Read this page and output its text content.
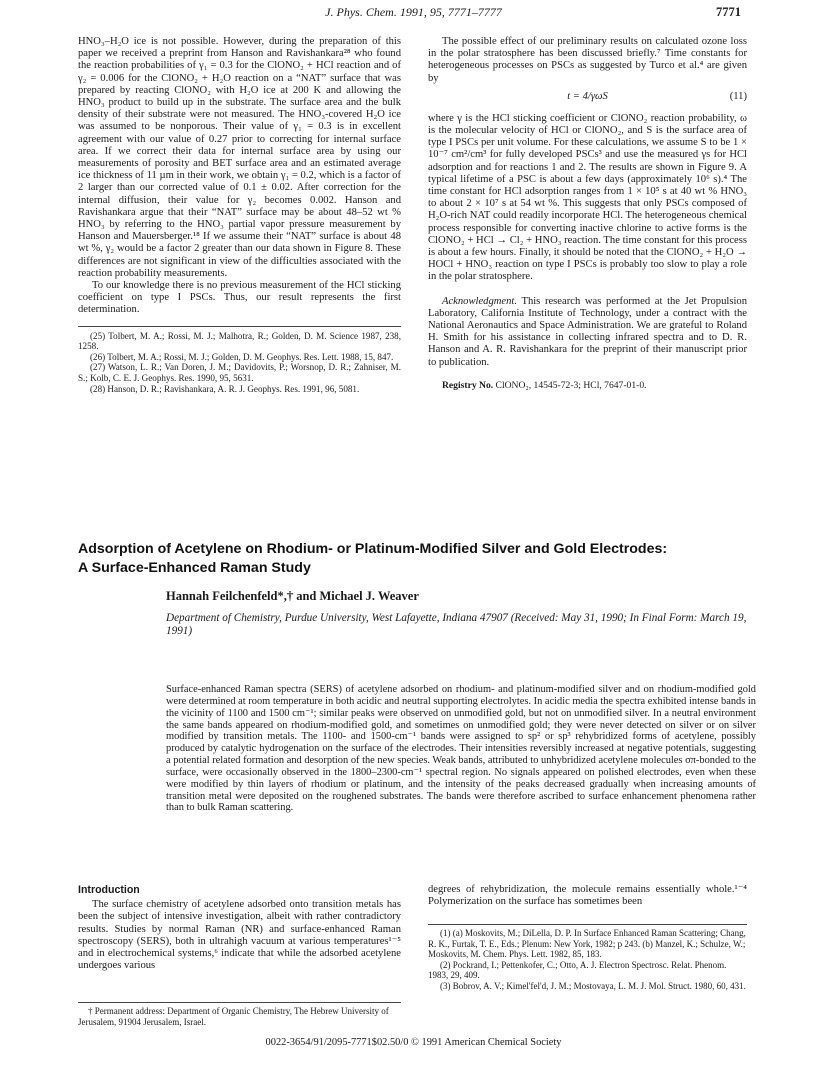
J. Phys. Chem. 1991, 95, 7771–7777	7771

HNO₃–H₂O ice is not possible. However, during the preparation of this paper we received a preprint from Hanson and Ravishankara²⁸ who found the reaction probabilities of γ₁ = 0.3 for the ClONO₂ + HCl reaction and of γ₂ = 0.006 for the ClONO₂ + H₂O reaction on a “NAT” surface that was prepared by reacting ClONO₂ with H₂O ice at 200 K and allowing the HNO₃ product to build up in the substrate. The surface area and the bulk density of their substrate were not measured. The HNO₃-covered H₂O ice was assumed to be nonporous. Their value of γ₁ = 0.3 is in excellent agreement with our value of 0.27 prior to correcting for internal surface area. If we correct their data for internal surface area by using our measurements of porosity and BET surface area and an estimated average ice thickness of 11 µm in their work, we obtain γ₁ = 0.2, which is a factor of 2 larger than our corrected value of 0.1 ± 0.02. After correction for the internal diffusion, their value for γ₂ becomes 0.002. Hanson and Ravishankara argue that their “NAT” surface may be about 48–52 wt % HNO₃ by referring to the HNO₃ partial vapor pressure measurement by Hanson and Mauersberger.¹⁸ If we assume their “NAT” surface is about 48 wt %, γ₂ would be a factor 2 greater than our data shown in Figure 8. These differences are not significant in view of the difficulties associated with the reaction probability measurements.

To our knowledge there is no previous measurement of the HCl sticking coefficient on type I PSCs. Thus, our result represents the first determination.

(25) Tolbert, M. A.; Rossi, M. J.; Malhotra, R.; Golden, D. M. Science 1987, 238, 1258.
(26) Tolbert, M. A.; Rossi, M. J.; Golden, D. M. Geophys. Res. Lett. 1988, 15, 847.
(27) Watson, L. R.; Van Doren, J. M.; Davidovits, P.; Worsnop, D. R.; Zahniser, M. S.; Kolb, C. E. J. Geophys. Res. 1990, 95, 5631.
(28) Hanson, D. R.; Ravishankara, A. R. J. Geophys. Res. 1991, 96, 5081.

The possible effect of our preliminary results on calculated ozone loss in the polar stratosphere has been discussed briefly.⁷ Time constants for heterogeneous processes on PSCs as suggested by Turco et al.⁴ are given by

t = 4/γωS	(11)

where γ is the HCl sticking coefficient or ClONO₂ reaction probability, ω is the molecular velocity of HCl or ClONO₂, and S is the surface area of type I PSCs per unit volume. For these calculations, we assume S to be 1 × 10⁻⁷ cm²/cm³ for fully developed PSCs³ and use the measured γs for HCl adsorption and for reactions 1 and 2. The results are shown in Figure 9. A typical lifetime of a PSC is about a few days (approximately 10⁶ s).⁴ The time constant for HCl adsorption ranges from 1 × 10⁵ s at 40 wt % HNO₃ to about 2 × 10⁷ s at 54 wt %. This suggests that only PSCs composed of H₂O-rich NAT could readily incorporate HCl. The heterogeneous chemical process responsible for converting inactive chlorine to active forms is the ClONO₂ + HCl → Cl₂ + HNO₃ reaction. The time constant for this process is about a few hours. Finally, it should be noted that the ClONO₂ + H₂O → HOCl + HNO₃ reaction on type I PSCs is probably too slow to play a role in the polar stratosphere.

Acknowledgment. This research was performed at the Jet Propulsion Laboratory, California Institute of Technology, under a contract with the National Aeronautics and Space Administration. We are grateful to Roland H. Smith for his assistance in collecting infrared spectra and to D. R. Hanson and A. R. Ravishankara for the preprint of their manuscript prior to publication.

Registry No. ClONO₂, 14545-72-3; HCl, 7647-01-0.

Adsorption of Acetylene on Rhodium- or Platinum-Modified Silver and Gold Electrodes:
A Surface-Enhanced Raman Study
Hannah Feilchenfeld*,† and Michael J. Weaver
Department of Chemistry, Purdue University, West Lafayette, Indiana 47907 (Received: May 31, 1990; In Final Form: March 19, 1991)
Surface-enhanced Raman spectra (SERS) of acetylene adsorbed on rhodium- and platinum-modified silver and on rhodium-modified gold were determined at room temperature in both acidic and neutral supporting electrolytes. In acidic media the spectra exhibited intense bands in the vicinity of 1100 and 1500 cm⁻¹; similar peaks were observed on unmodified gold, but not on unmodified silver. In a neutral environment the same bands appeared on rhodium-modified gold, and sometimes on unmodified gold; they were never detected on silver or on silver modified by transition metals. The 1100- and 1500-cm⁻¹ bands were assigned to sp² or sp³ rehybridized forms of acetylene, possibly produced by catalytic hydrogenation on the surface of the electrodes. Their intensities reversibly increased at negative potentials, suggesting a potential related formation and desorption of the new species. Weak bands, attributed to unhybridized acetylene molecules σπ-bonded to the surface, were occasionally observed in the 1800–2300-cm⁻¹ spectral region. No signals appeared on polished electrodes, even when these were modified by thin layers of rhodium or platinum, and the intensity of the peaks decreased gradually when increasing amounts of transition metal were deposited on the roughened substrates. The bands were therefore ascribed to surface enhancement phenomena rather than to bulk Raman scattering.
Introduction

The surface chemistry of acetylene adsorbed onto transition metals has been the subject of intensive investigation, albeit with rather contradictory results. Studies by normal Raman (NR) and surface-enhanced Raman spectroscopy (SERS), both in ultrahigh vacuum at various temperatures¹⁻⁵ and in electrochemical systems,⁶ indicate that while the adsorbed acetylene undergoes various

† Permanent address: Department of Organic Chemistry, The Hebrew University of Jerusalem, 91904 Jerusalem, Israel.

degrees of rehybridization, the molecule remains essentially whole.¹⁻⁴ Polymerization on the surface has sometimes been

(1) (a) Moskovits, M.; DiLella, D. P. In Surface Enhanced Raman Scattering; Chang, R. K., Furtak, T. E., Eds.; Plenum: New York, 1982; p 243. (b) Manzel, K.; Schulze, W.; Moskovits, M. Chem. Phys. Lett. 1982, 85, 183.
(2) Pockrand, I.; Pettenkofer, C.; Otto, A. J. Electron Spectrosc. Relat. Phenom. 1983, 29, 409.
(3) Bobrov, A. V.; Kimel'fel'd, J. M.; Mostovaya, L. M. J. Mol. Struct. 1980, 60, 431.
0022-3654/91/2095-7771$02.50/0 © 1991 American Chemical Society
